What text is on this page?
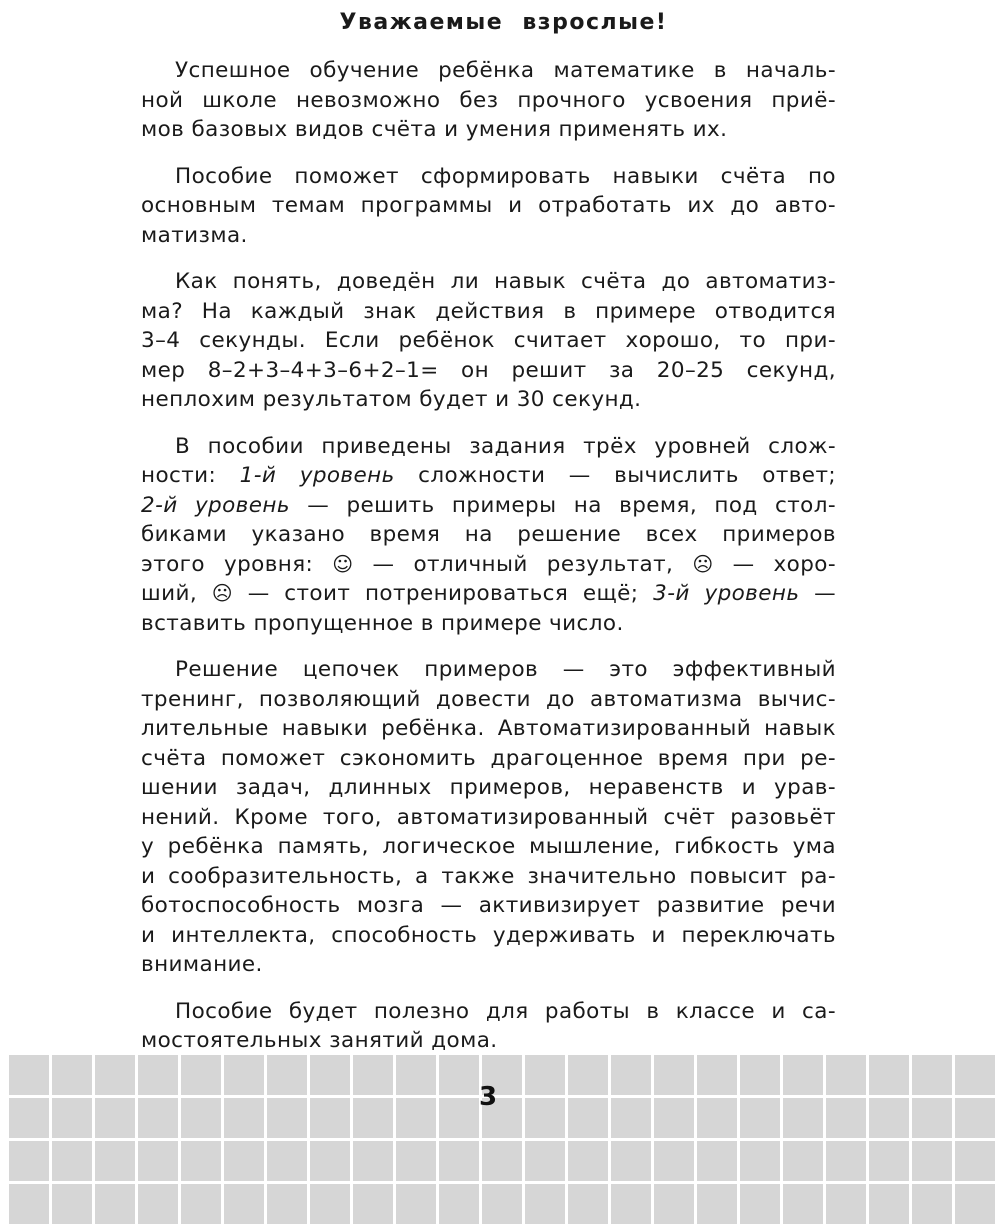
Уважаемые взрослые!
Успешное обучение ребёнка математике в началь-
ной школе невозможно без прочного усвоения приё-
мов базовых видов счёта и умения применять их.
Пособие поможет сформировать навыки счёта по
основным темам программы и отработать их до авто-
матизма.
Как понять, доведён ли навык счёта до автоматиз-
ма? На каждый знак действия в примере отводится
3–4 секунды. Если ребёнок считает хорошо, то при-
мер 8–2+3–4+3–6+2–1= он решит за 20–25 секунд,
неплохим результатом будет и 30 секунд.
В пособии приведены задания трёх уровней слож-
ности: 1-й уровень сложности — вычислить ответ;
2-й уровень — решить примеры на время, под стол-
биками указано время на решение всех примеров
этого уровня: ☺ — отличный результат, ☹ — хоро-
ший, ☹ — стоит потренироваться ещё; 3-й уровень —
вставить пропущенное в примере число.
Решение цепочек примеров — это эффективный
тренинг, позволяющий довести до автоматизма вычис-
лительные навыки ребёнка. Автоматизированный навык
счёта поможет сэкономить драгоценное время при ре-
шении задач, длинных примеров, неравенств и урав-
нений. Кроме того, автоматизированный счёт разовьёт
у ребёнка память, логическое мышление, гибкость ума
и сообразительность, а также значительно повысит ра-
ботоспособность мозга — активизирует развитие речи
и интеллекта, способность удерживать и переключать
внимание.
Пособие будет полезно для работы в классе и са-
мостоятельных занятий дома.
3
